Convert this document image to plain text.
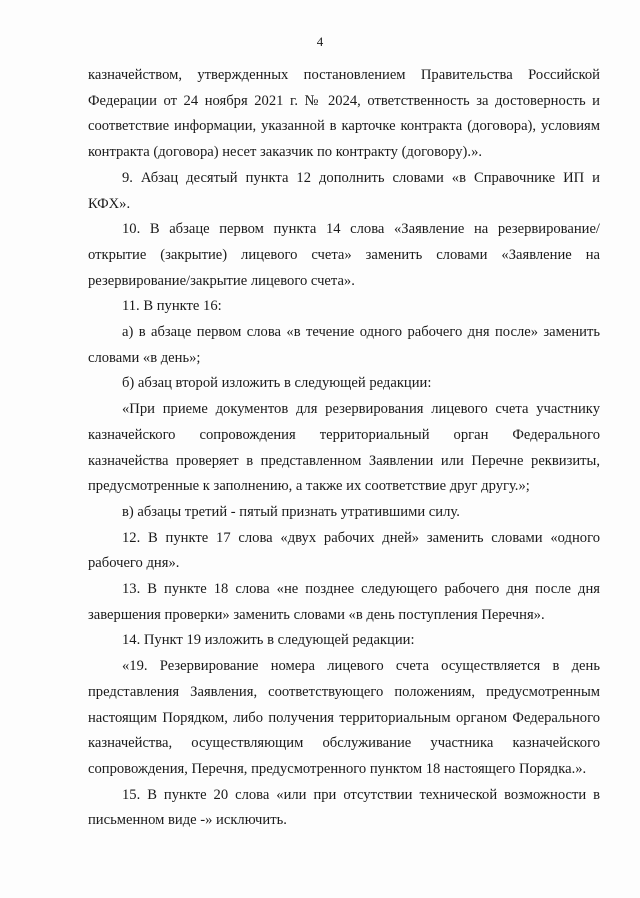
4

казначейством, утвержденных постановлением Правительства Российской Федерации от 24 ноября 2021 г. № 2024, ответственность за достоверность и соответствие информации, указанной в карточке контракта (договора), условиям контракта (договора) несет заказчик по контракту (договору).».

9. Абзац десятый пункта 12 дополнить словами «в Справочнике ИП и КФХ».

10. В абзаце первом пункта 14 слова «Заявление на резервирование/открытие (закрытие) лицевого счета» заменить словами «Заявление на резервирование/закрытие лицевого счета».

11. В пункте 16:

а) в абзаце первом слова «в течение одного рабочего дня после» заменить словами «в день»;

б) абзац второй изложить в следующей редакции:

«При приеме документов для резервирования лицевого счета участнику казначейского сопровождения территориальный орган Федерального казначейства проверяет в представленном Заявлении или Перечне реквизиты, предусмотренные к заполнению, а также их соответствие друг другу.»;

в) абзацы третий - пятый признать утратившими силу.

12. В пункте 17 слова «двух рабочих дней» заменить словами «одного рабочего дня».

13. В пункте 18 слова «не позднее следующего рабочего дня после дня завершения проверки» заменить словами «в день поступления Перечня».

14. Пункт 19 изложить в следующей редакции:

«19. Резервирование номера лицевого счета осуществляется в день представления Заявления, соответствующего положениям, предусмотренным настоящим Порядком, либо получения территориальным органом Федерального казначейства, осуществляющим обслуживание участника казначейского сопровождения, Перечня, предусмотренного пунктом 18 настоящего Порядка.».

15. В пункте 20 слова «или при отсутствии технической возможности в письменном виде -» исключить.
